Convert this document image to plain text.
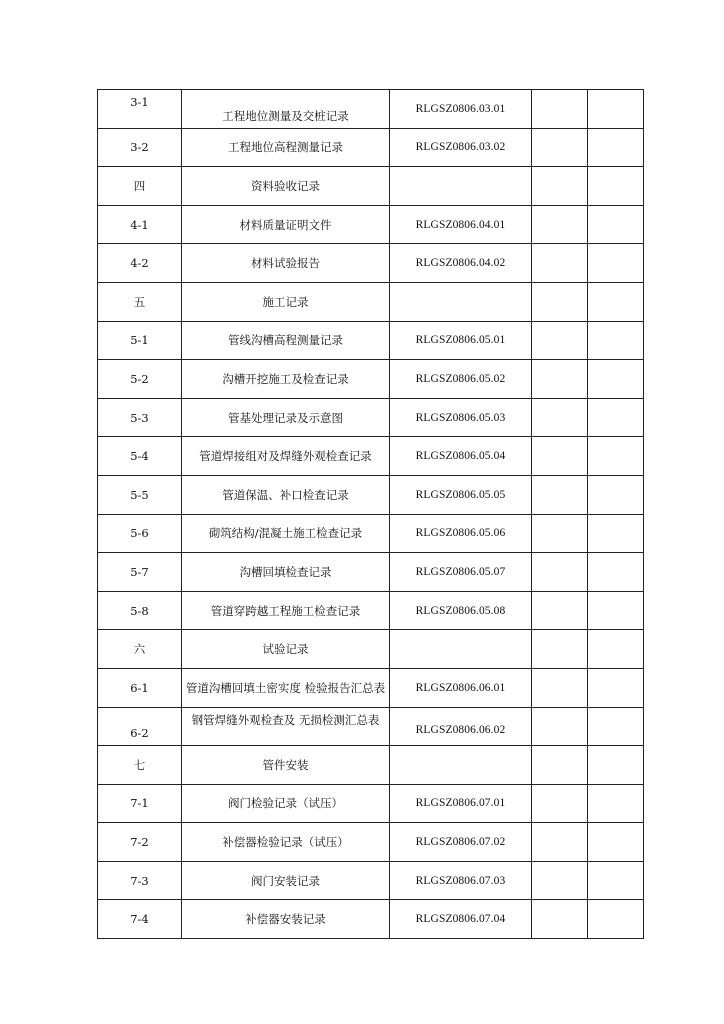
3-1	工程地位测量及交桩记录	RLGSZ0806.03.01		
3-2	工程地位高程测量记录	RLGSZ0806.03.02		
四	资料验收记录			
4-1	材料质量证明文件	RLGSZ0806.04.01		
4-2	材料试验报告	RLGSZ0806.04.02		
五	施工记录			
5-1	管线沟槽高程测量记录	RLGSZ0806.05.01		
5-2	沟槽开挖施工及检查记录	RLGSZ0806.05.02		
5-3	管基处理记录及示意图	RLGSZ0806.05.03		
5-4	管道焊接组对及焊缝外观检查记录	RLGSZ0806.05.04		
5-5	管道保温、补口检查记录	RLGSZ0806.05.05		
5-6	砌筑结构/混凝土施工检查记录	RLGSZ0806.05.06		
5-7	沟槽回填检查记录	RLGSZ0806.05.07		
5-8	管道穿跨越工程施工检查记录	RLGSZ0806.05.08		
六	试验记录			
6-1	管道沟槽回填土密实度 检验报告汇总表	RLGSZ0806.06.01		

6-2	钢管焊缝外观检查及 无损检测汇总表	RLGSZ0806.06.02		

七	管件安装			
7-1	阀门检验记录（试压）	RLGSZ0806.07.01		
7-2	补偿器检验记录（试压）	RLGSZ0806.07.02		
7-3	阀门安装记录	RLGSZ0806.07.03		
7-4	补偿器安装记录	RLGSZ0806.07.04		
